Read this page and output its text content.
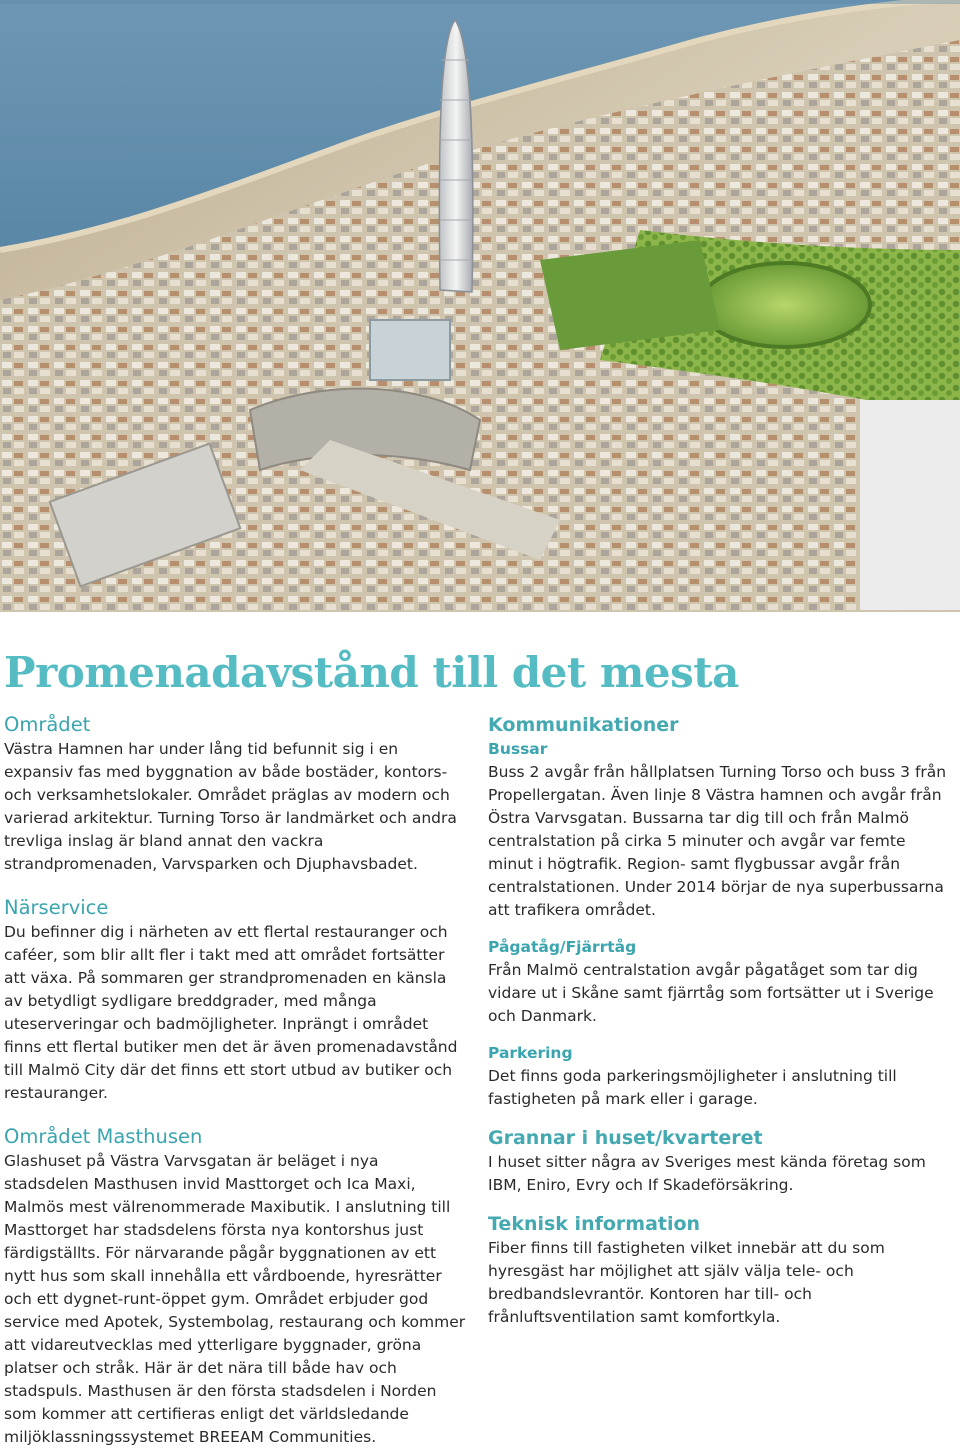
Promenadavstånd till det mesta
Området

Västra Hamnen har under lång tid befunnit sig i en expansiv fas med byggnation av både bostäder, kontors- och verksamhetslokaler. Området präglas av modern och varierad arkitektur. Turning Torso är landmärket och andra trevliga inslag är bland annat den vackra strandpromenaden, Varvsparken och Djuphavsbadet.

Närservice

Du befinner dig i närheten av ett flertal restauranger och caféer, som blir allt fler i takt med att området fortsätter att växa. På sommaren ger strandpromenaden en känsla av betydligt sydligare breddgrader, med många uteserveringar och badmöjligheter. Inprängt i området finns ett flertal butiker men det är även promenadavstånd till Malmö City där det finns ett stort utbud av butiker och restauranger.

Området Masthusen

Glashuset på Västra Varvsgatan är beläget i nya stadsdelen Masthusen invid Masttorget och Ica Maxi, Malmös mest välrenommerade Maxibutik. I anslutning till Masttorget har stadsdelens första nya kontorshus just färdigställts. För närvarande pågår byggnationen av ett nytt hus som skall innehålla ett vårdboende, hyresrätter och ett dygnet-runt-öppet gym. Området erbjuder god service med Apotek, Systembolag, restaurang och kommer att vidareutvecklas med ytterligare byggnader, gröna platser och stråk. Här är det nära till både hav och stadspuls. Masthusen är den första stadsdelen i Norden som kommer att certifieras enligt det världsledande miljöklassningssystemet BREEAM Communities.

Kommunikationer
Bussar

Buss 2 avgår från hållplatsen Turning Torso och buss 3 från Propellergatan. Även linje 8 Västra hamnen och avgår från Östra Varvsgatan. Bussarna tar dig till och från Malmö centralstation på cirka 5 minuter och avgår var femte minut i högtrafik. Region- samt flygbussar avgår från centralstationen. Under 2014 börjar de nya superbussarna att trafikera området.

Pågatåg/Fjärrtåg

Från Malmö centralstation avgår pågatåget som tar dig vidare ut i Skåne samt fjärrtåg som fortsätter ut i Sverige och Danmark.

Parkering

Det finns goda parkeringsmöjligheter i anslutning till fastigheten på mark eller i garage.

Grannar i huset/kvarteret

I huset sitter några av Sveriges mest kända företag som IBM, Eniro, Evry och If Skadeförsäkring.

Teknisk information

Fiber finns till fastigheten vilket innebär att du som hyresgäst har möjlighet att själv välja tele- och bredbandslevrantör. Kontoren har till- och frånluftsventilation samt komfortkyla.
